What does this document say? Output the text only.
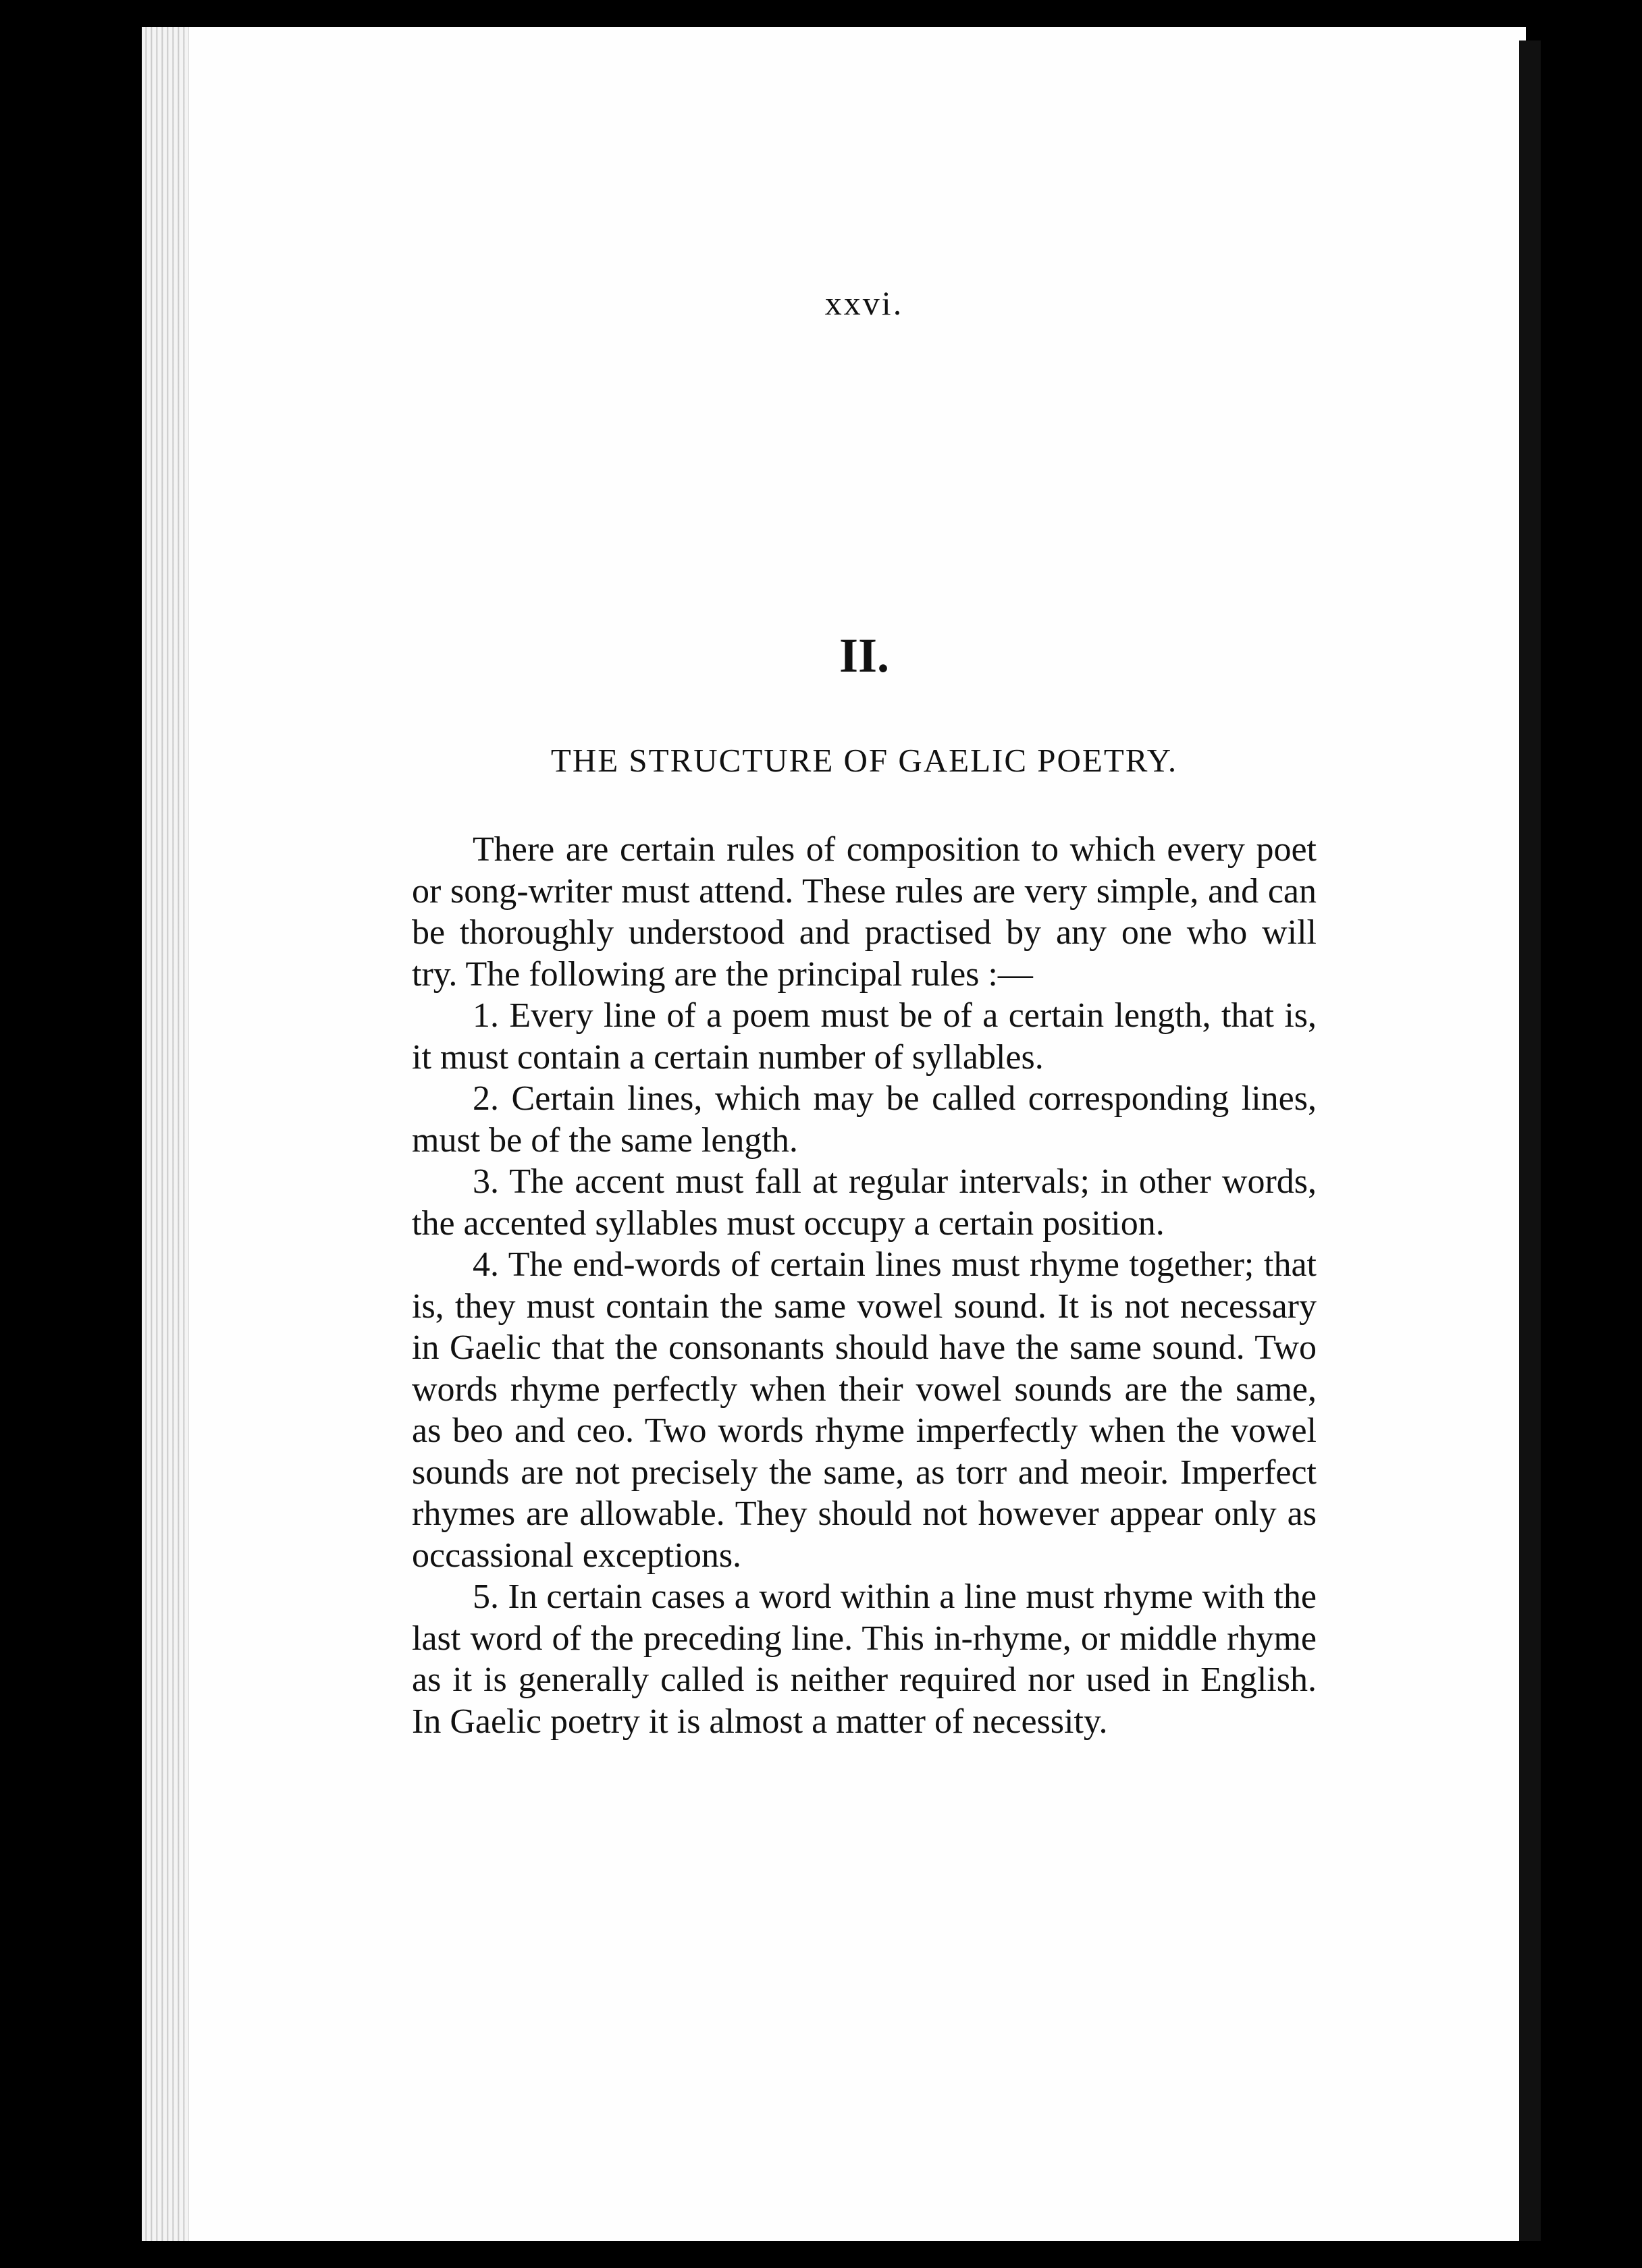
xxvi.
II.
THE STRUCTURE OF GAELIC POETRY.

There are certain rules of composition to which every poet or song-writer must attend. These rules are very simple, and can be thoroughly understood and practised by any one who will try. The following are the principal rules :—

1. Every line of a poem must be of a certain length, that is, it must contain a certain number of syllables.

2. Certain lines, which may be called corresponding lines, must be of the same length.

3. The accent must fall at regular intervals; in other words, the accented syllables must occupy a certain position.

4. The end-words of certain lines must rhyme together; that is, they must contain the same vowel sound. It is not necessary in Gaelic that the consonants should have the same sound. Two words rhyme perfectly when their vowel sounds are the same, as beo and ceo. Two words rhyme imperfectly when the vowel sounds are not precisely the same, as torr and meoir. Imperfect rhymes are allowable. They should not however appear only as occassional exceptions.

5. In certain cases a word within a line must rhyme with the last word of the preceding line. This in-rhyme, or middle rhyme as it is generally called is neither required nor used in English. In Gaelic poetry it is almost a matter of necessity.
